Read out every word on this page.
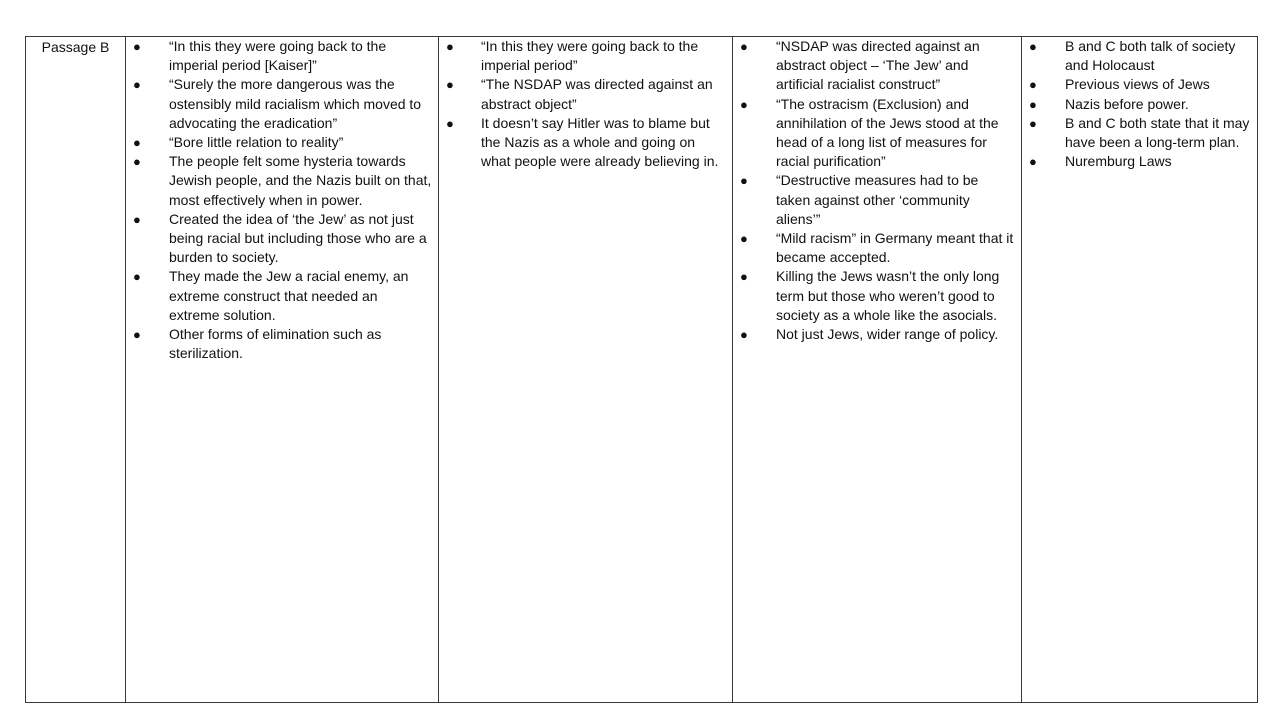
Passage B	● “In this they were going back to the imperial period [Kaiser]”
● “Surely the more dangerous was the ostensibly mild racialism which moved to advocating the eradication”
● “Bore little relation to reality”
● The people felt some hysteria towards Jewish people, and the Nazis built on that, most effectively when in power.
● Created the idea of ‘the Jew’ as not just being racial but including those who are a burden to society.
● They made the Jew a racial enemy, an extreme construct that needed an extreme solution.
● Other forms of elimination such as sterilization.

● “In this they were going back to the imperial period”
● “The NSDAP was directed against an abstract object”
● It doesn’t say Hitler was to blame but the Nazis as a whole and going on what people were already believing in.

● “NSDAP was directed against an abstract object – ‘The Jew’ and artificial racialist construct”
● “The ostracism (Exclusion) and annihilation of the Jews stood at the head of a long list of measures for racial purification”
● “Destructive measures had to be taken against other ‘community aliens’”
● “Mild racism” in Germany meant that it became accepted.
● Killing the Jews wasn’t the only long term but those who weren’t good to society as a whole like the asocials.
● Not just Jews, wider range of policy.

● B and C both talk of society and Holocaust
● Previous views of Jews
● Nazis before power.
● B and C both state that it may have been a long-term plan.
● Nuremburg Laws
